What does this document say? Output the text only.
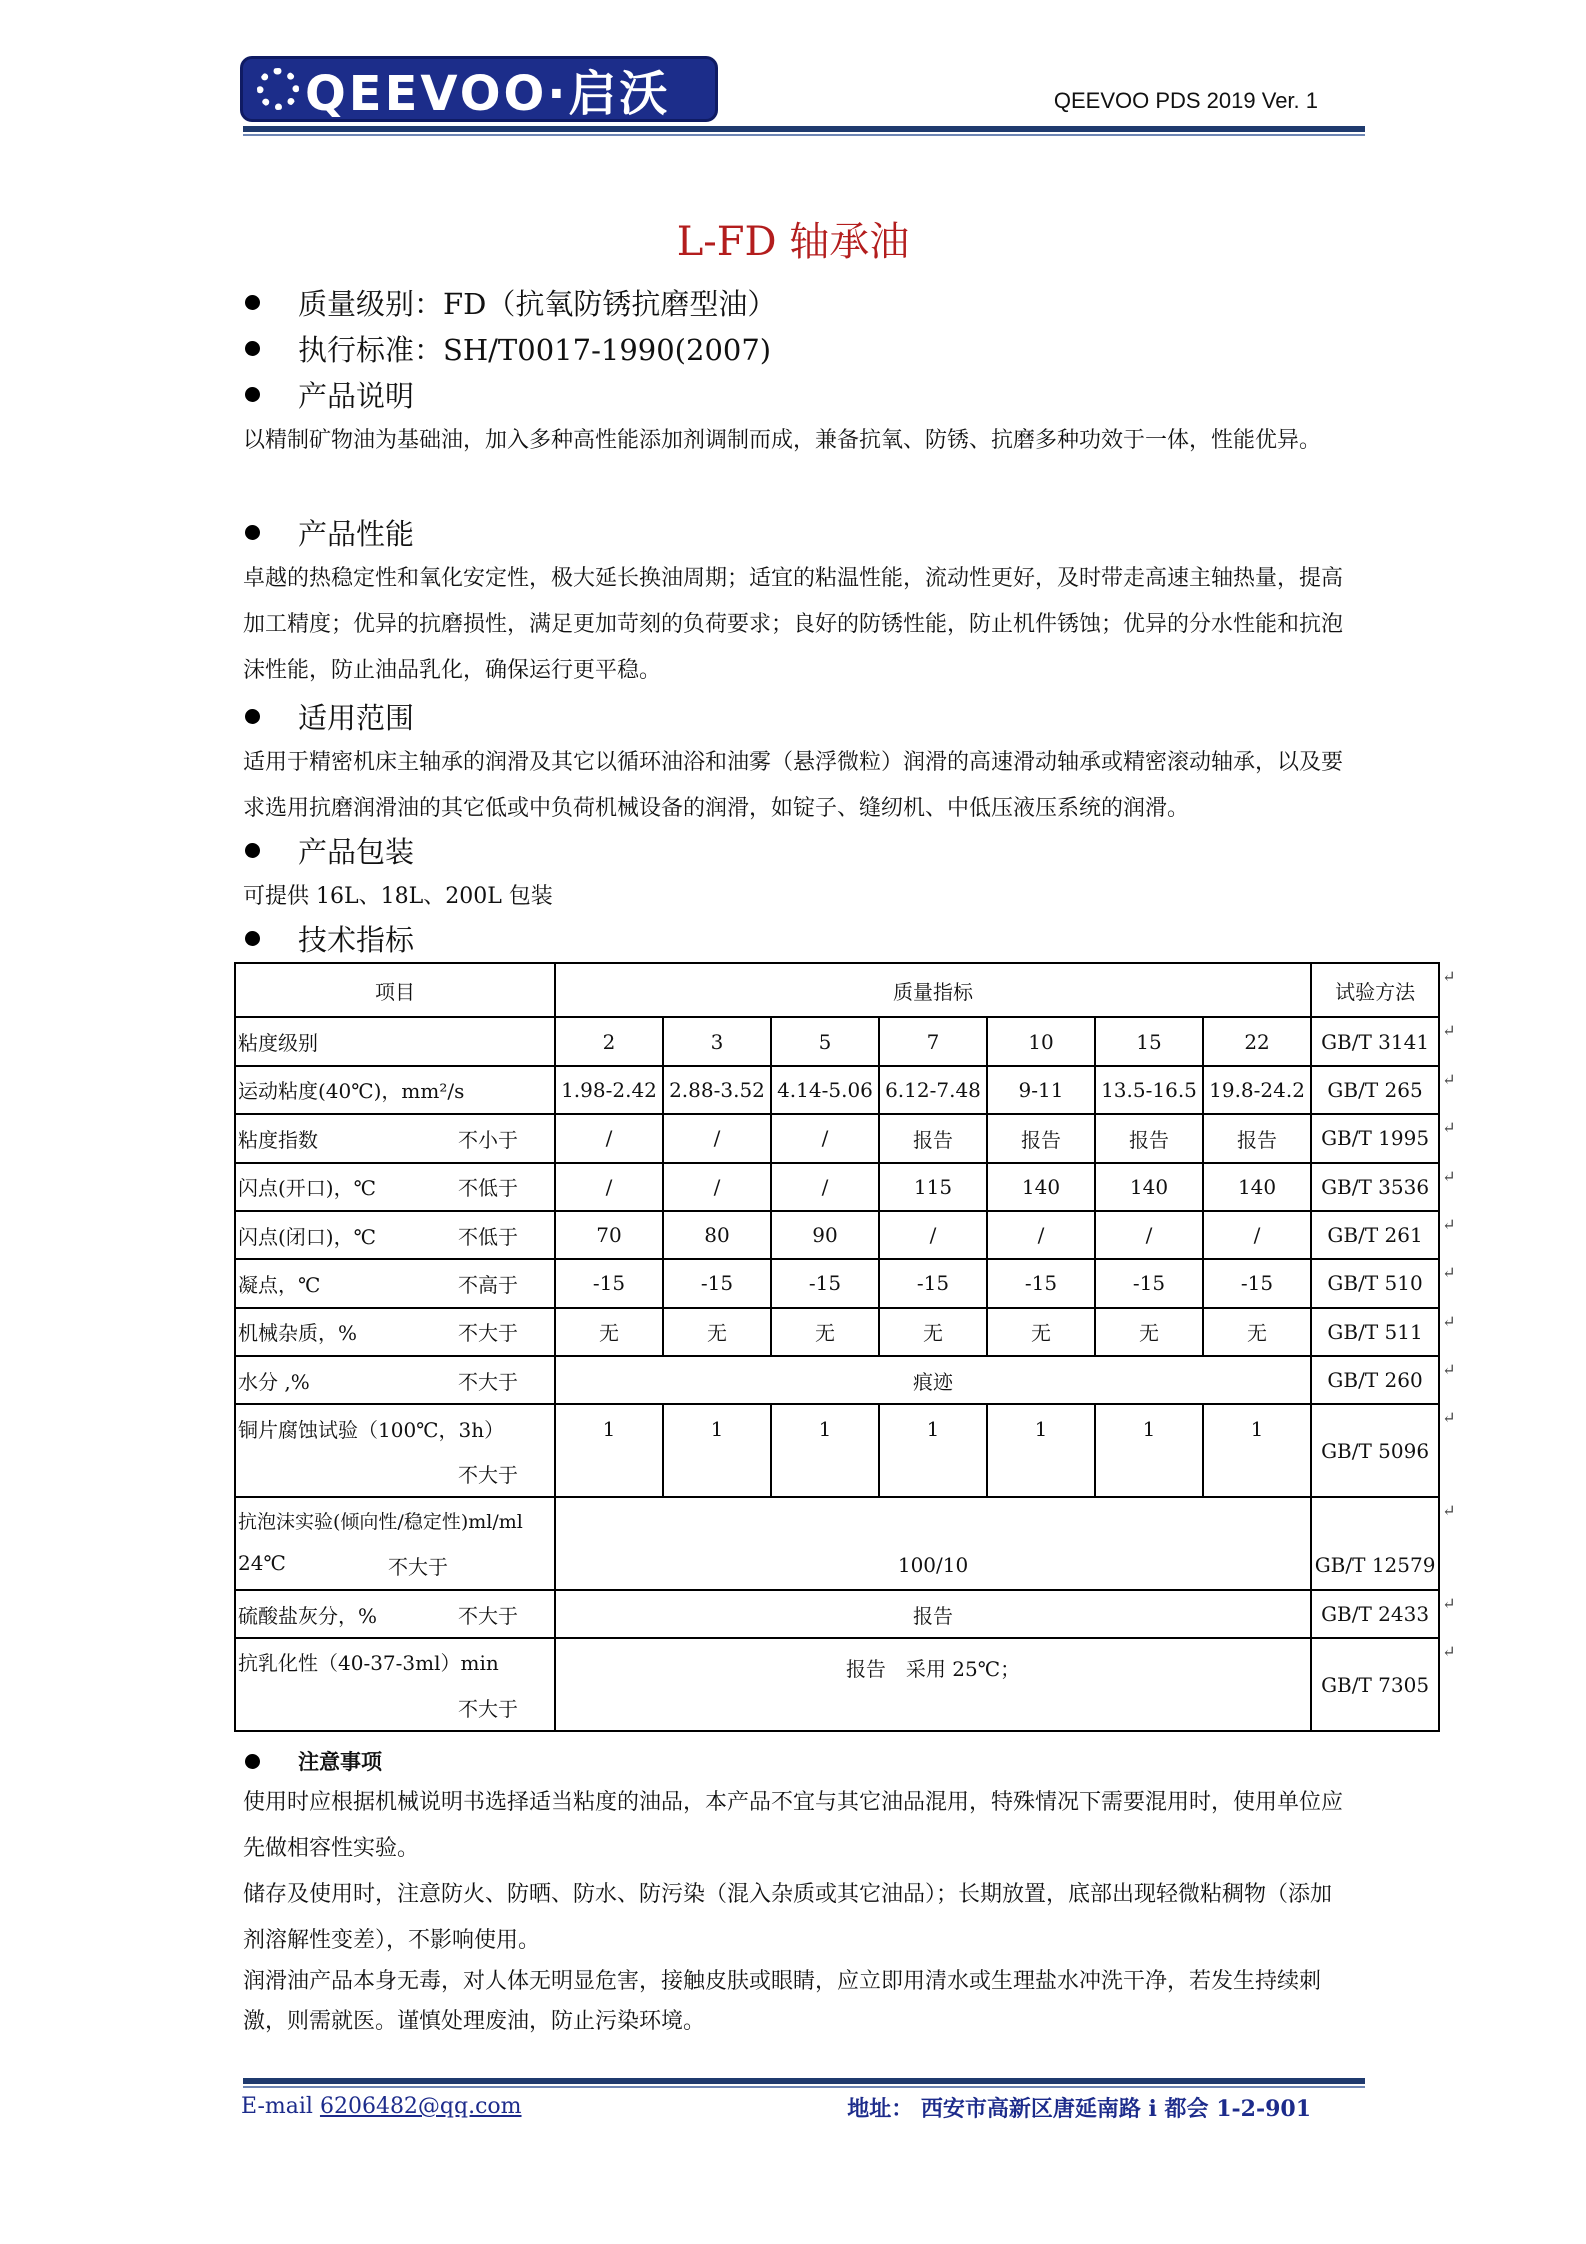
QEEVOO·启沃	QEEVOO PDS 2019 Ver. 1
L-FD 轴承油
质量级别：FD（抗氧防锈抗磨型油）
执行标准：SH/T0017-1990(2007)
产品说明
以精制矿物油为基础油，加入多种高性能添加剂调制而成，兼备抗氧、防锈、抗磨多种功效于一体，性能优异。
产品性能
卓越的热稳定性和氧化安定性，极大延长换油周期；适宜的粘温性能，流动性更好，及时带走高速主轴热量，提高加工精度；优异的抗磨损性，满足更加苛刻的负荷要求；良好的防锈性能，防止机件锈蚀；优异的分水性能和抗泡沫性能，防止油品乳化，确保运行更平稳。
适用范围
适用于精密机床主轴承的润滑及其它以循环油浴和油雾（悬浮微粒）润滑的高速滑动轴承或精密滚动轴承，以及要求选用抗磨润滑油的其它低或中负荷机械设备的润滑，如锭子、缝纫机、中低压液压系统的润滑。
产品包装
可提供 16L、18L、200L 包装
技术指标
项目	质量指标							试验方法
粘度级别	2	3	5	7	10	15	22	GB/T 3141

运动粘度(40℃)，mm²/s	1.98-2.42	2.88-3.52	4.14-5.06	6.12-7.48	9-11	13.5-16.5	19.8-24.2	GB/T 265

粘度指数 不小于	/	/	/	报告	报告	报告	报告	GB/T 1995

闪点(开口)，℃ 不低于	/	/	/	115	140	140	140	GB/T 3536

闪点(闭口)，℃ 不低于	70	80	90	/	/	/	/	GB/T 261

凝点，℃ 不高于	-15	-15	-15	-15	-15	-15	-15	GB/T 510

机械杂质，% 不大于	无	无	无	无	无	无	无	GB/T 511

水分 ,% 不大于	痕迹							GB/T 260

铜片腐蚀试验（100℃，3h）
不大于	1	1	1	1	1	1	1	GB/T 5096

抗泡沫实验(倾向性/稳定性)ml/ml
24℃ 不大于	100/10							GB/T 12579

硫酸盐灰分，% 不大于	报告							GB/T 2433

抗乳化性（40-37-3ml）min
不大于	报告　采用 25℃；							GB/T 7305
↵
↵
↵
↵
↵
↵
↵
↵
↵
↵
↵
↵
↵
注意事项
使用时应根据机械说明书选择适当粘度的油品，本产品不宜与其它油品混用，特殊情况下需要混用时，使用单位应先做相容性实验。
储存及使用时，注意防火、防晒、防水、防污染（混入杂质或其它油品）；长期放置，底部出现轻微粘稠物（添加剂溶解性变差），不影响使用。
润滑油产品本身无毒，对人体无明显危害，接触皮肤或眼睛，应立即用清水或生理盐水冲洗干净，若发生持续刺激，则需就医。谨慎处理废油，防止污染环境。
E-mail 6206482@qq.com	地址： 西安市高新区唐延南路 i 都会 1-2-901
